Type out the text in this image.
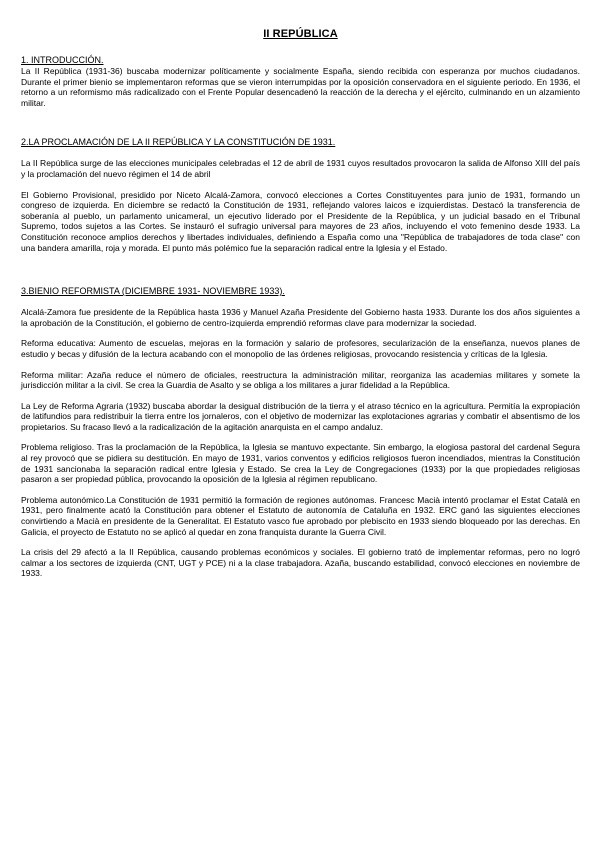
II REPÚBLICA
1. INTRODUCCIÓN.

La II República (1931-36) buscaba modernizar políticamente y socialmente España, siendo recibida con esperanza por muchos ciudadanos. Durante el primer bienio se implementaron reformas que se vieron interrumpidas por la oposición conservadora en el siguiente periodo. En 1936, el retorno a un reformismo más radicalizado con el Frente Popular desencadenó la reacción de la derecha y el ejército, culminando en un alzamiento militar.

2.LA PROCLAMACIÓN DE LA II REPÚBLICA Y LA CONSTITUCIÓN DE 1931.

La II República surge de las elecciones municipales celebradas el 12 de abril de 1931 cuyos resultados provocaron la salida de Alfonso XIII del país y la proclamación del nuevo régimen el 14 de abril

El Gobierno Provisional, presidido por Niceto Alcalá-Zamora, convocó elecciones a Cortes Constituyentes para junio de 1931, formando un congreso de izquierda. En diciembre se redactó la Constitución de 1931, reflejando valores laicos e izquierdistas. Destacó la transferencia de soberanía al pueblo, un parlamento unicameral, un ejecutivo liderado por el Presidente de la República, y un judicial basado en el Tribunal Supremo, todos sujetos a las Cortes. Se instauró el sufragio universal para mayores de 23 años, incluyendo el voto femenino desde 1933. La Constitución reconoce amplios derechos y libertades individuales, definiendo a España como una "República de trabajadores de toda clase" con una bandera amarilla, roja y morada. El punto más polémico fue la separación radical entre la Iglesia y el Estado.

3.BIENIO REFORMISTA (DICIEMBRE 1931- NOVIEMBRE 1933).

Alcalá-Zamora fue presidente de la República hasta 1936 y Manuel Azaña Presidente del Gobierno hasta 1933. Durante los dos años siguientes a la aprobación de la Constitución, el gobierno de centro-izquierda emprendió reformas clave para modernizar la sociedad.

Reforma educativa: Aumento de escuelas, mejoras en la formación y salario de profesores, secularización de la enseñanza, nuevos planes de estudio y becas y difusión de la lectura acabando con el monopolio de las órdenes religiosas, provocando resistencia y críticas de la Iglesia.

Reforma militar: Azaña reduce el número de oficiales, reestructura la administración militar, reorganiza las academias militares y somete la jurisdicción militar a la civil. Se crea la Guardia de Asalto y se obliga a los militares a jurar fidelidad a la República.

La Ley de Reforma Agraria (1932) buscaba abordar la desigual distribución de la tierra y el atraso técnico en la agricultura. Permitía la expropiación de latifundios para redistribuir la tierra entre los jornaleros, con el objetivo de modernizar las explotaciones agrarias y combatir el absentismo de los propietarios. Su fracaso llevó a la radicalización de la agitación anarquista en el campo andaluz.

Problema religioso. Tras la proclamación de la República, la Iglesia se mantuvo expectante. Sin embargo, la elogiosa pastoral del cardenal Segura al rey provocó que se pidiera su destitución. En mayo de 1931, varios conventos y edificios religiosos fueron incendiados, mientras la Constitución de 1931 sancionaba la separación radical entre Iglesia y Estado. Se crea la Ley de Congregaciones (1933) por la que propiedades religiosas pasaron a ser propiedad pública, provocando la oposición de la Iglesia al régimen republicano.

Problema autonómico.La Constitución de 1931 permitió la formación de regiones autónomas. Francesc Macià intentó proclamar el Estat Català en 1931, pero finalmente acató la Constitución para obtener el Estatuto de autonomía de Cataluña en 1932. ERC ganó las siguientes elecciones convirtiendo a Macià en presidente de la Generalitat. El Estatuto vasco fue aprobado por plebiscito en 1933 siendo bloqueado por las derechas. En Galicia, el proyecto de Estatuto no se aplicó al quedar en zona franquista durante la Guerra Civil.

La crisis del 29 afectó a la II República, causando problemas económicos y sociales. El gobierno trató de implementar reformas, pero no logró calmar a los sectores de izquierda (CNT, UGT y PCE) ni a la clase trabajadora. Azaña, buscando estabilidad, convocó elecciones en noviembre de 1933.
